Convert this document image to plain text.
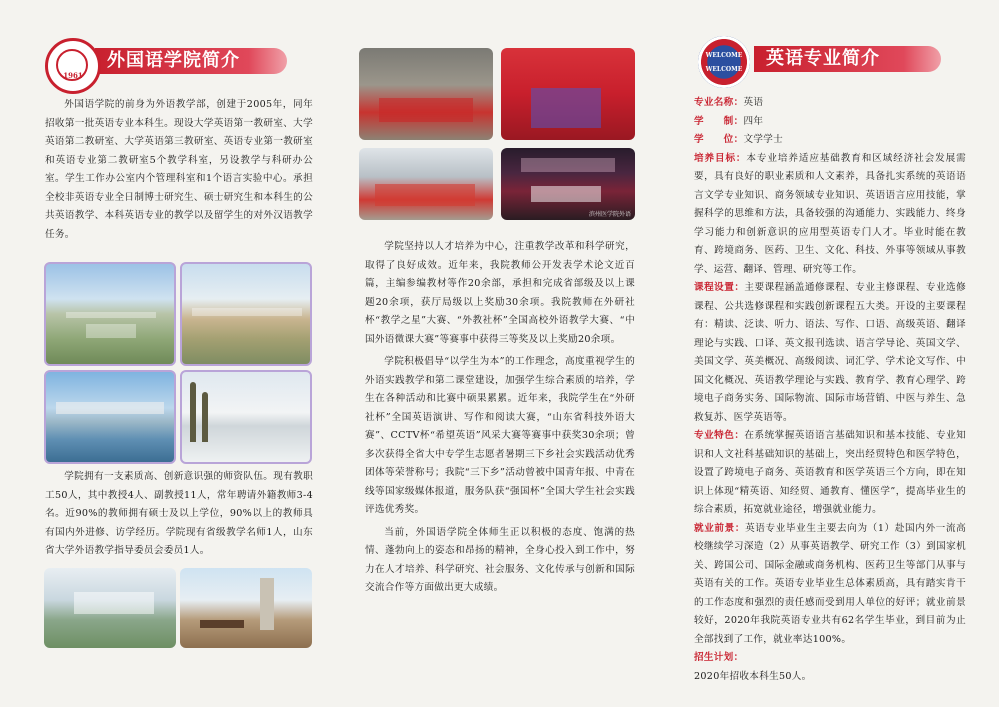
外国语学院简介
1961

外国语学院的前身为外语教学部，创建于2005年，同年招收第一批英语专业本科生。现设大学英语第一教研室、大学英语第二教研室、大学英语第三教研室、英语专业第一教研室和英语专业第二教研室5个教学科室，另设教学与科研办公室。学生工作办公室内个管理科室和1个语言实验中心。承担全校非英语专业全日制博士研究生、硕士研究生和本科生的公共英语教学、本科英语专业的教学以及留学生的对外汉语教学任务。

学院拥有一支素质高、创新意识强的师资队伍。现有教职工50人，其中教授4人、副教授11人，常年聘请外籍教师3-4名。近90%的教师拥有硕士及以上学位，90%以上的教师具有国内外进修、访学经历。学院现有省级教学名师1人，山东省大学外语教学指导委员会委员1人。

滨州医学院外语

学院坚持以人才培养为中心，注重教学改革和科学研究，取得了良好成效。近年来，我院教师公开发表学术论文近百篇，主编参编教材等作20余部，承担和完成省部级及以上课题20余项，获厅局级以上奖励30余项。我院教师在外研社杯“教学之星”大赛、“外教社杯”全国高校外语教学大赛、“中国外语微课大赛”等赛事中获得三等奖及以上奖励20余项。

学院积极倡导“以学生为本”的工作理念，高度重视学生的外语实践教学和第二课堂建设，加强学生综合素质的培养，学生在各种活动和比赛中硕果累累。近年来，我院学生在“外研社杯”全国英语演讲、写作和阅读大赛，“山东省科技外语大赛”、CCTV杯“希望英语”风采大赛等赛事中获奖30余项；曾多次获得全省大中专学生志愿者暑期三下乡社会实践活动优秀团体等荣誉称号；我院“三下乡”活动曾被中国青年报、中青在线等国家级媒体报道，服务队获“强国杯”全国大学生社会实践评选优秀奖。

当前，外国语学院全体师生正以积极的态度、饱满的热情、蓬勃向上的姿态和昂扬的精神，全身心投入到工作中，努力在人才培养、科学研究、社会服务、文化传承与创新和国际交流合作等方面做出更大成绩。

WELCOME
WELCOME
英语专业简介

专业名称：英语

学　　制：四年

学　　位：文学学士

培养目标：本专业培养适应基础教育和区域经济社会发展需要，具有良好的职业素质和人文素养，具备扎实系统的英语语言文学专业知识、商务领域专业知识、英语语言应用技能，掌握科学的思维和方法，具备较强的沟通能力、实践能力、终身学习能力和创新意识的应用型英语专门人才。毕业时能在教育、跨境商务、医药、卫生、文化、科技、外事等领域从事教学、运营、翻译、管理、研究等工作。

课程设置：主要课程涵盖通修课程、专业主修课程、专业选修课程、公共选修课程和实践创新课程五大类。开设的主要课程有：精读、泛读、听力、语法、写作、口语、高级英语、翻译理论与实践、口译、英文报刊选读、语言学导论、英国文学、美国文学、英美概况、高级阅读、词汇学、学术论文写作、中国文化概况、英语教学理论与实践、教育学、教育心理学、跨境电子商务实务、国际物流、国际市场营销、中医与养生、急救复苏、医学英语等。

专业特色：在系统掌握英语语言基础知识和基本技能、专业知识和人文社科基础知识的基础上，突出经贸特色和医学特色，设置了跨境电子商务、英语教育和医学英语三个方向，即在知识上体现“精英语、知经贸、通教育、懂医学”，提高毕业生的综合素质，拓宽就业途径，增强就业能力。

就业前景：英语专业毕业生主要去向为（1）赴国内外一流高校继续学习深造（2）从事英语教学、研究工作（3）到国家机关、跨国公司、国际金融或商务机构、医药卫生等部门从事与英语有关的工作。英语专业毕业生总体素质高，具有踏实肯干的工作态度和强烈的责任感而受到用人单位的好评；就业前景较好，2020年我院英语专业共有62名学生毕业，到目前为止全部找到了工作，就业率达100%。

招生计划：
2020年招收本科生50人。
